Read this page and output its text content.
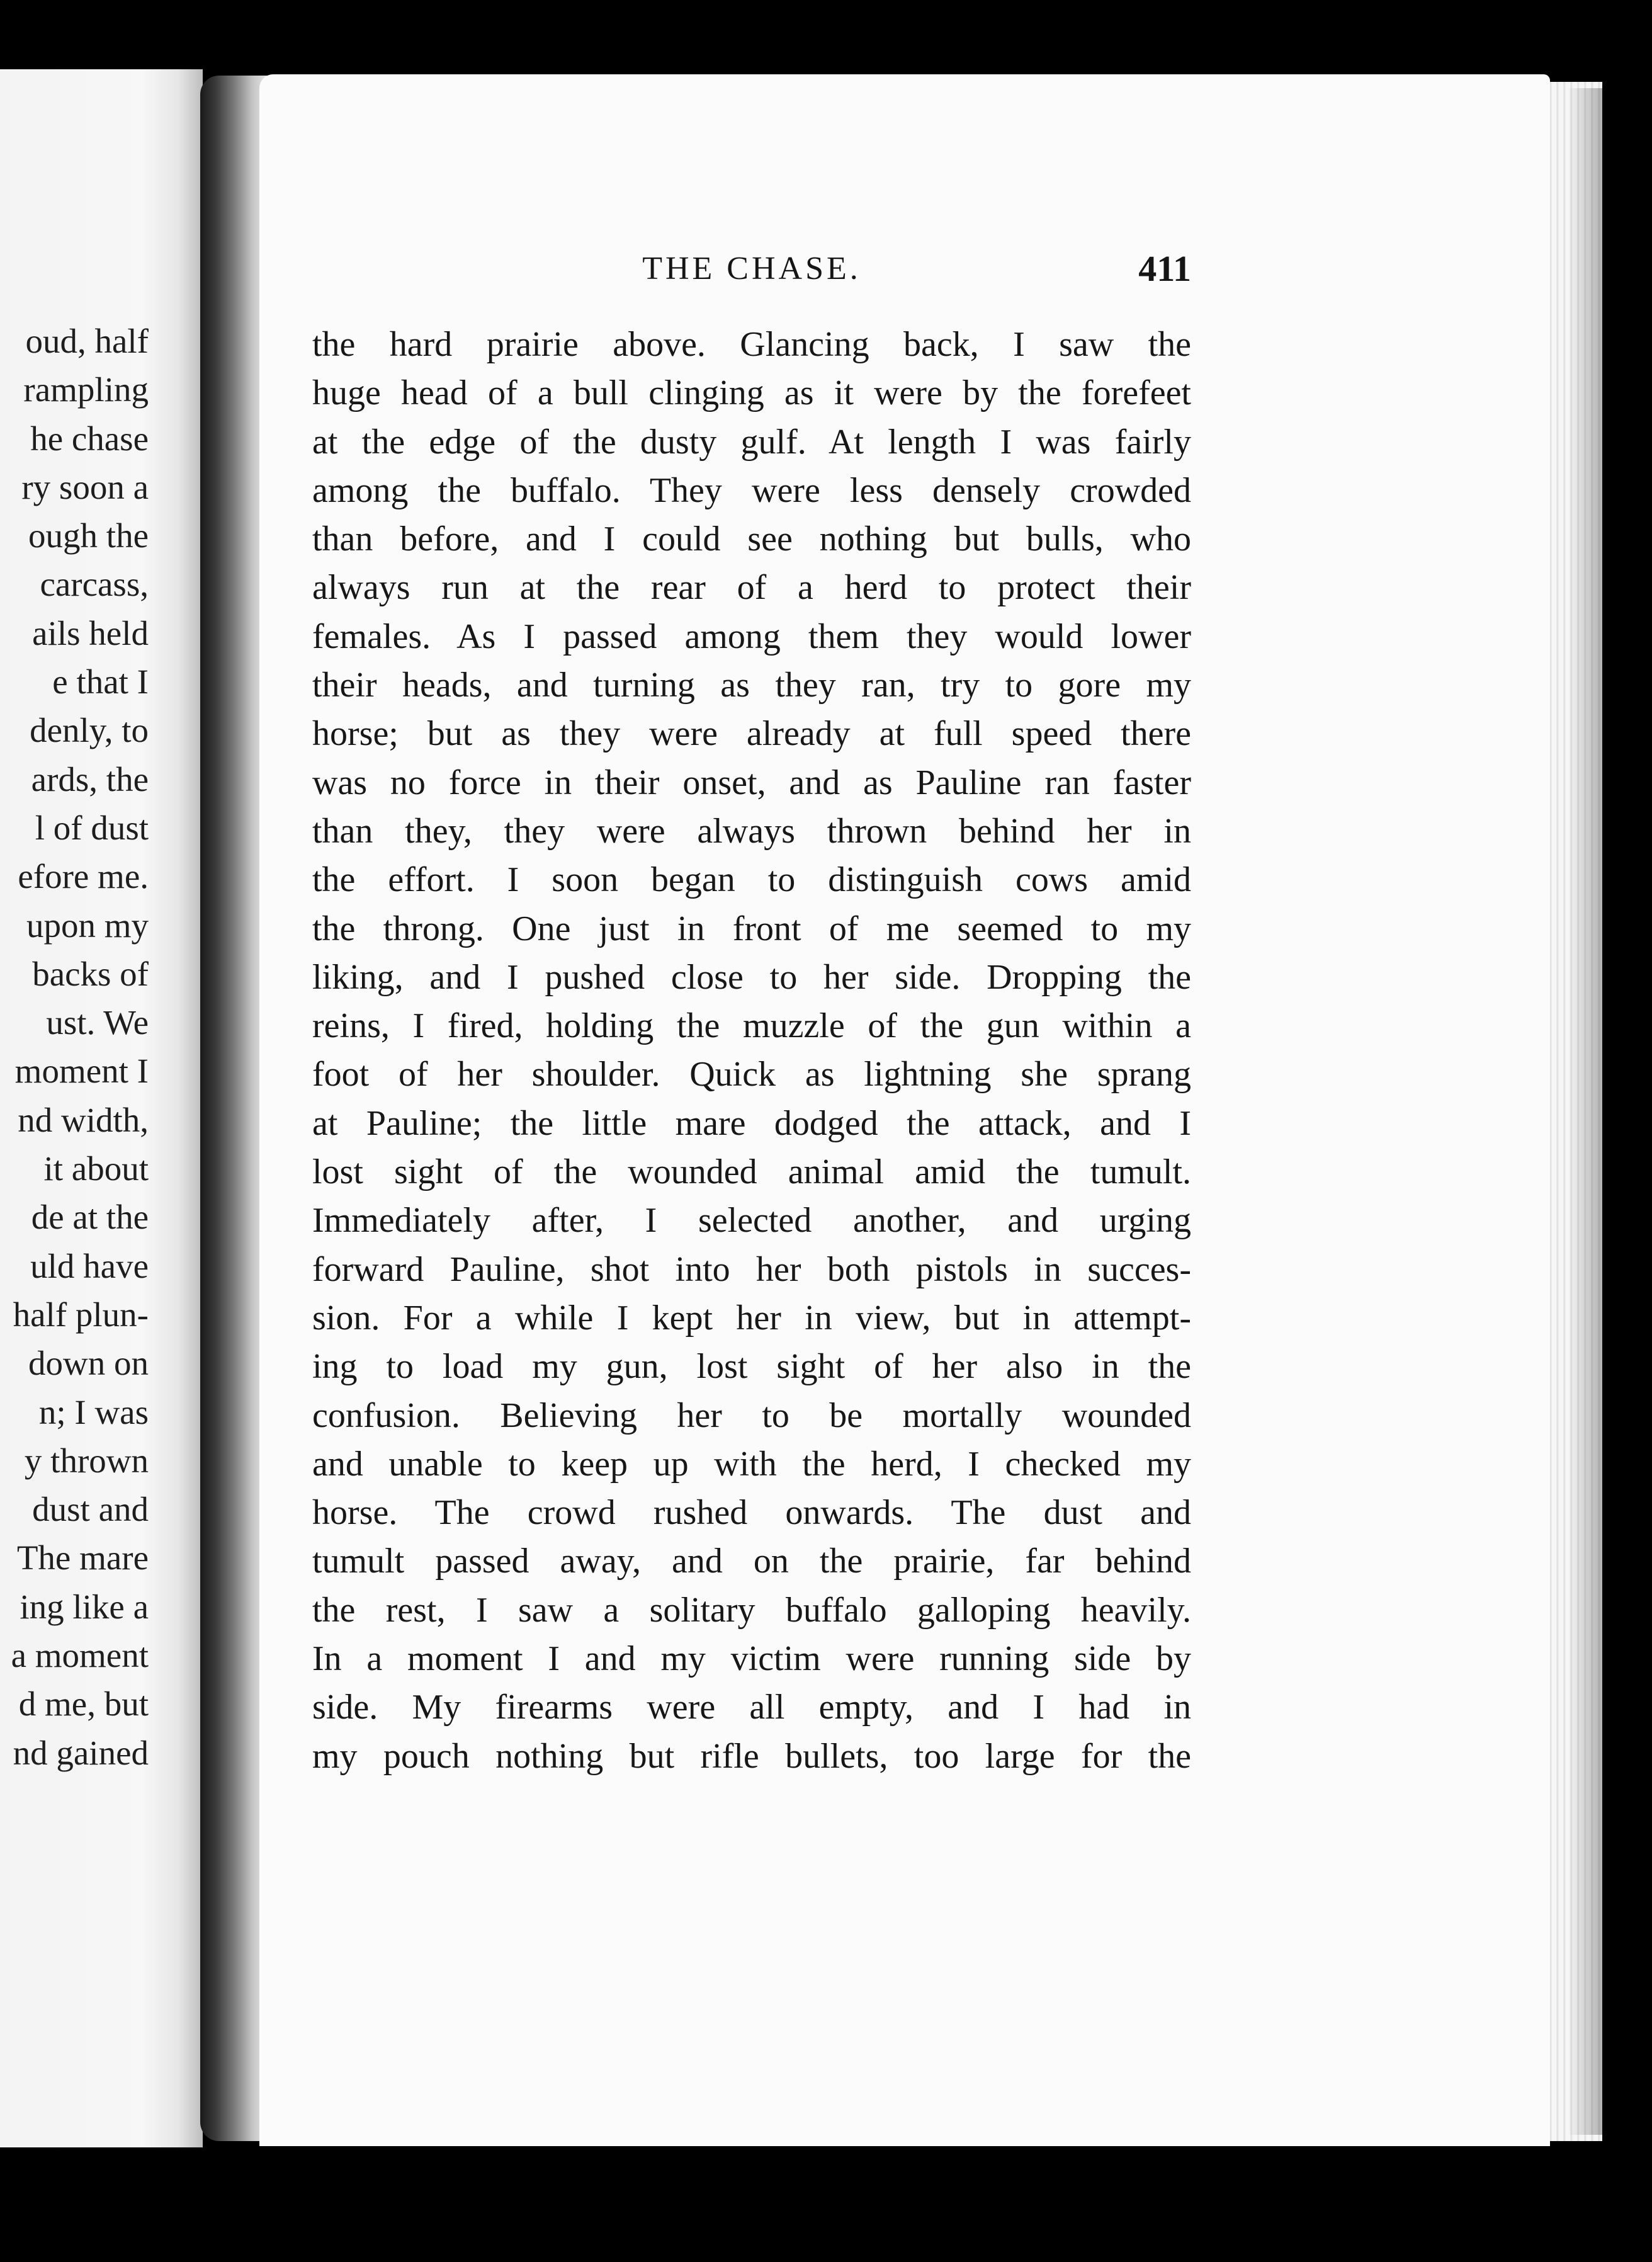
oud, half
rampling
he chase
ry soon a
ough the
carcass,
ails held
e that I
denly, to
ards, the
l of dust
efore me.
upon my
backs of
ust. We
moment I
nd width,
it about
de at the
uld have
half plun-
down on
n; I was
y thrown
dust and
The mare
ing like a
a moment
d me, but
nd gained
THE CHASE.	411
the hard prairie above. Glancing back, I saw the
huge head of a bull clinging as it were by the forefeet
at the edge of the dusty gulf. At length I was fairly
among the buffalo. They were less densely crowded
than before, and I could see nothing but bulls, who
always run at the rear of a herd to protect their
females. As I passed among them they would lower
their heads, and turning as they ran, try to gore my
horse; but as they were already at full speed there
was no force in their onset, and as Pauline ran faster
than they, they were always thrown behind her in
the effort. I soon began to distinguish cows amid
the throng. One just in front of me seemed to my
liking, and I pushed close to her side. Dropping the
reins, I fired, holding the muzzle of the gun within a
foot of her shoulder. Quick as lightning she sprang
at Pauline; the little mare dodged the attack, and I
lost sight of the wounded animal amid the tumult.
Immediately after, I selected another, and urging
forward Pauline, shot into her both pistols in succes-
sion. For a while I kept her in view, but in attempt-
ing to load my gun, lost sight of her also in the
confusion. Believing her to be mortally wounded
and unable to keep up with the herd, I checked my
horse. The crowd rushed onwards. The dust and
tumult passed away, and on the prairie, far behind
the rest, I saw a solitary buffalo galloping heavily.
In a moment I and my victim were running side by
side. My firearms were all empty, and I had in
my pouch nothing but rifle bullets, too large for the
